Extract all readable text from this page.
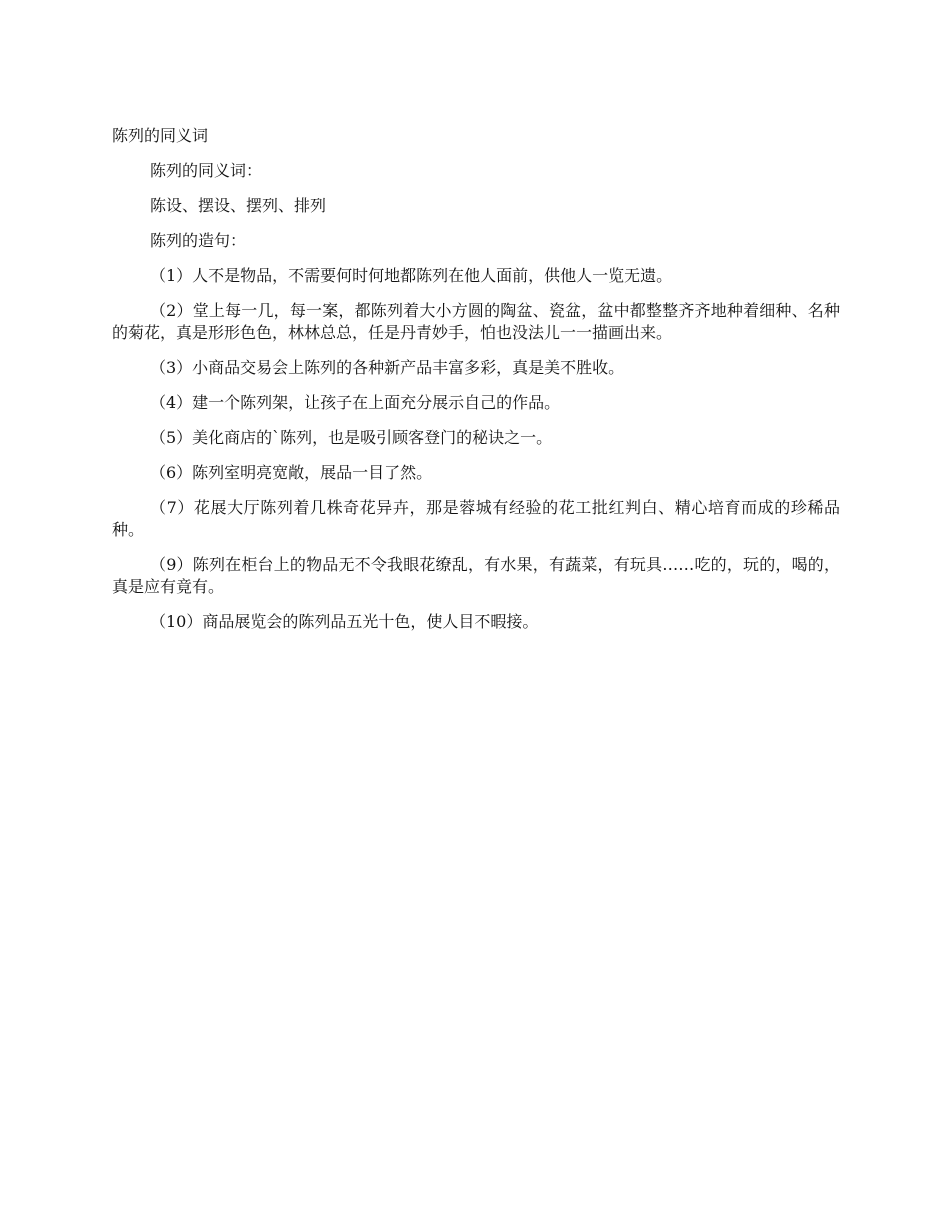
陈列的同义词

陈列的同义词：

陈设、摆设、摆列、排列

陈列的造句：

（1）人不是物品，不需要何时何地都陈列在他人面前，供他人一览无遗。

（2）堂上每一几，每一案，都陈列着大小方圆的陶盆、瓷盆，盆中都整整齐齐地种着细种、名种的菊花，真是形形色色，林林总总，任是丹青妙手，怕也没法儿一一描画出来。

（3）小商品交易会上陈列的各种新产品丰富多彩，真是美不胜收。

（4）建一个陈列架，让孩子在上面充分展示自己的作品。

（5）美化商店的`陈列，也是吸引顾客登门的秘诀之一。

（6）陈列室明亮宽敞，展品一目了然。

（7）花展大厅陈列着几株奇花异卉，那是蓉城有经验的花工批红判白、精心培育而成的珍稀品种。

（9）陈列在柜台上的物品无不令我眼花缭乱，有水果，有蔬菜，有玩具……吃的，玩的，喝的，真是应有竟有。

（10）商品展览会的陈列品五光十色，使人目不暇接。
